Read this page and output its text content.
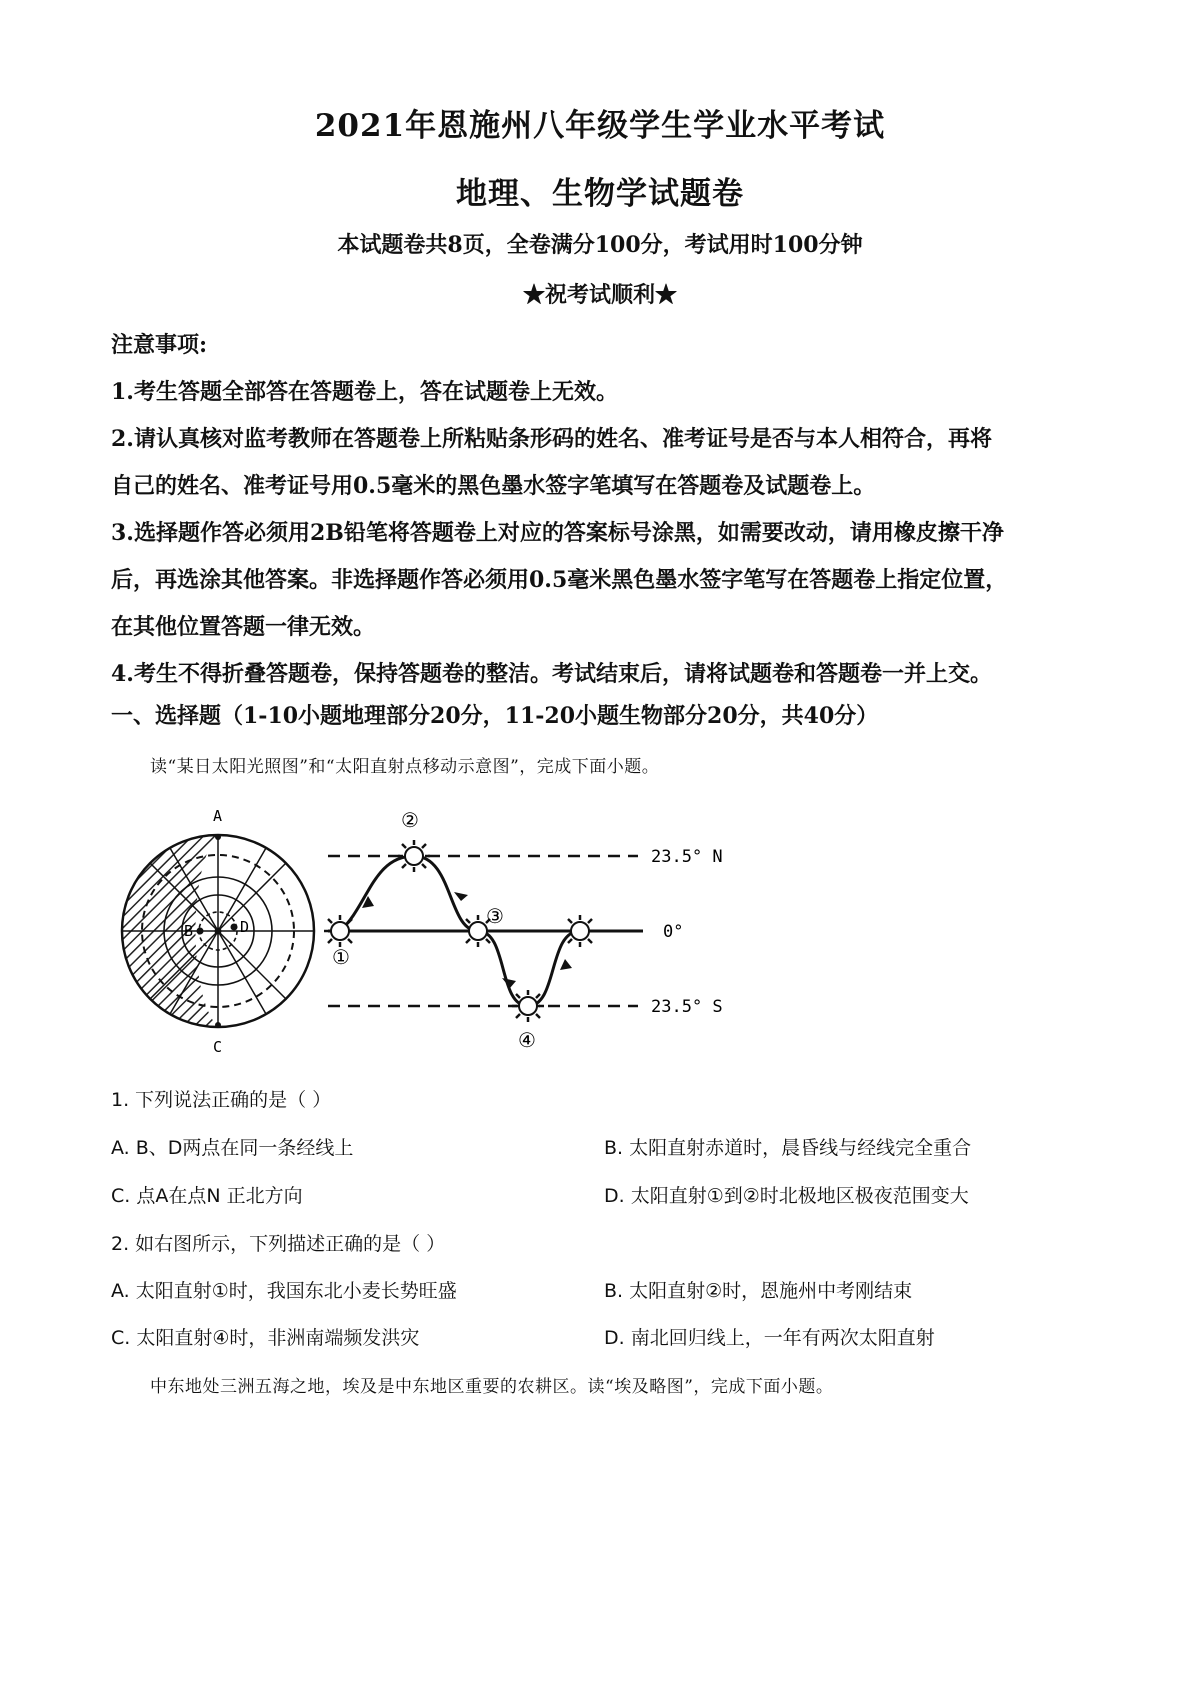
2021年恩施州八年级学生学业水平考试
地理、生物学试题卷
本试题卷共8页，全卷满分100分，考试用时100分钟
★祝考试顺利★
注意事项:
1.考生答题全部答在答题卷上，答在试题卷上无效。
2.请认真核对监考教师在答题卷上所粘贴条形码的姓名、准考证号是否与本人相符合，再将
自己的姓名、准考证号用0.5毫米的黑色墨水签字笔填写在答题卷及试题卷上。
3.选择题作答必须用2B铅笔将答题卷上对应的答案标号涂黑，如需要改动，请用橡皮擦干净
后，再选涂其他答案。非选择题作答必须用0.5毫米黑色墨水签字笔写在答题卷上指定位置，
在其他位置答题一律无效。
4.考生不得折叠答题卷，保持答题卷的整洁。考试结束后，请将试题卷和答题卷一并上交。
一、选择题（1-10小题地理部分20分，11-20小题生物部分20分，共40分）
读“某日太阳光照图”和“太阳直射点移动示意图”，完成下面小题。
A
B	D
C
23.5° N
0°
23.5° S
①
②
③
④
1. 下列说法正确的是（ ）
A. B、D两点在同一条经线上	B. 太阳直射赤道时，晨昏线与经线完全重合
C. 点A在点N 正北方向	D. 太阳直射①到②时北极地区极夜范围变大
2. 如右图所示，下列描述正确的是（ ）
A. 太阳直射①时，我国东北小麦长势旺盛	B. 太阳直射②时，恩施州中考刚结束
C. 太阳直射④时，非洲南端频发洪灾	D. 南北回归线上，一年有两次太阳直射
中东地处三洲五海之地，埃及是中东地区重要的农耕区。读“埃及略图”，完成下面小题。
